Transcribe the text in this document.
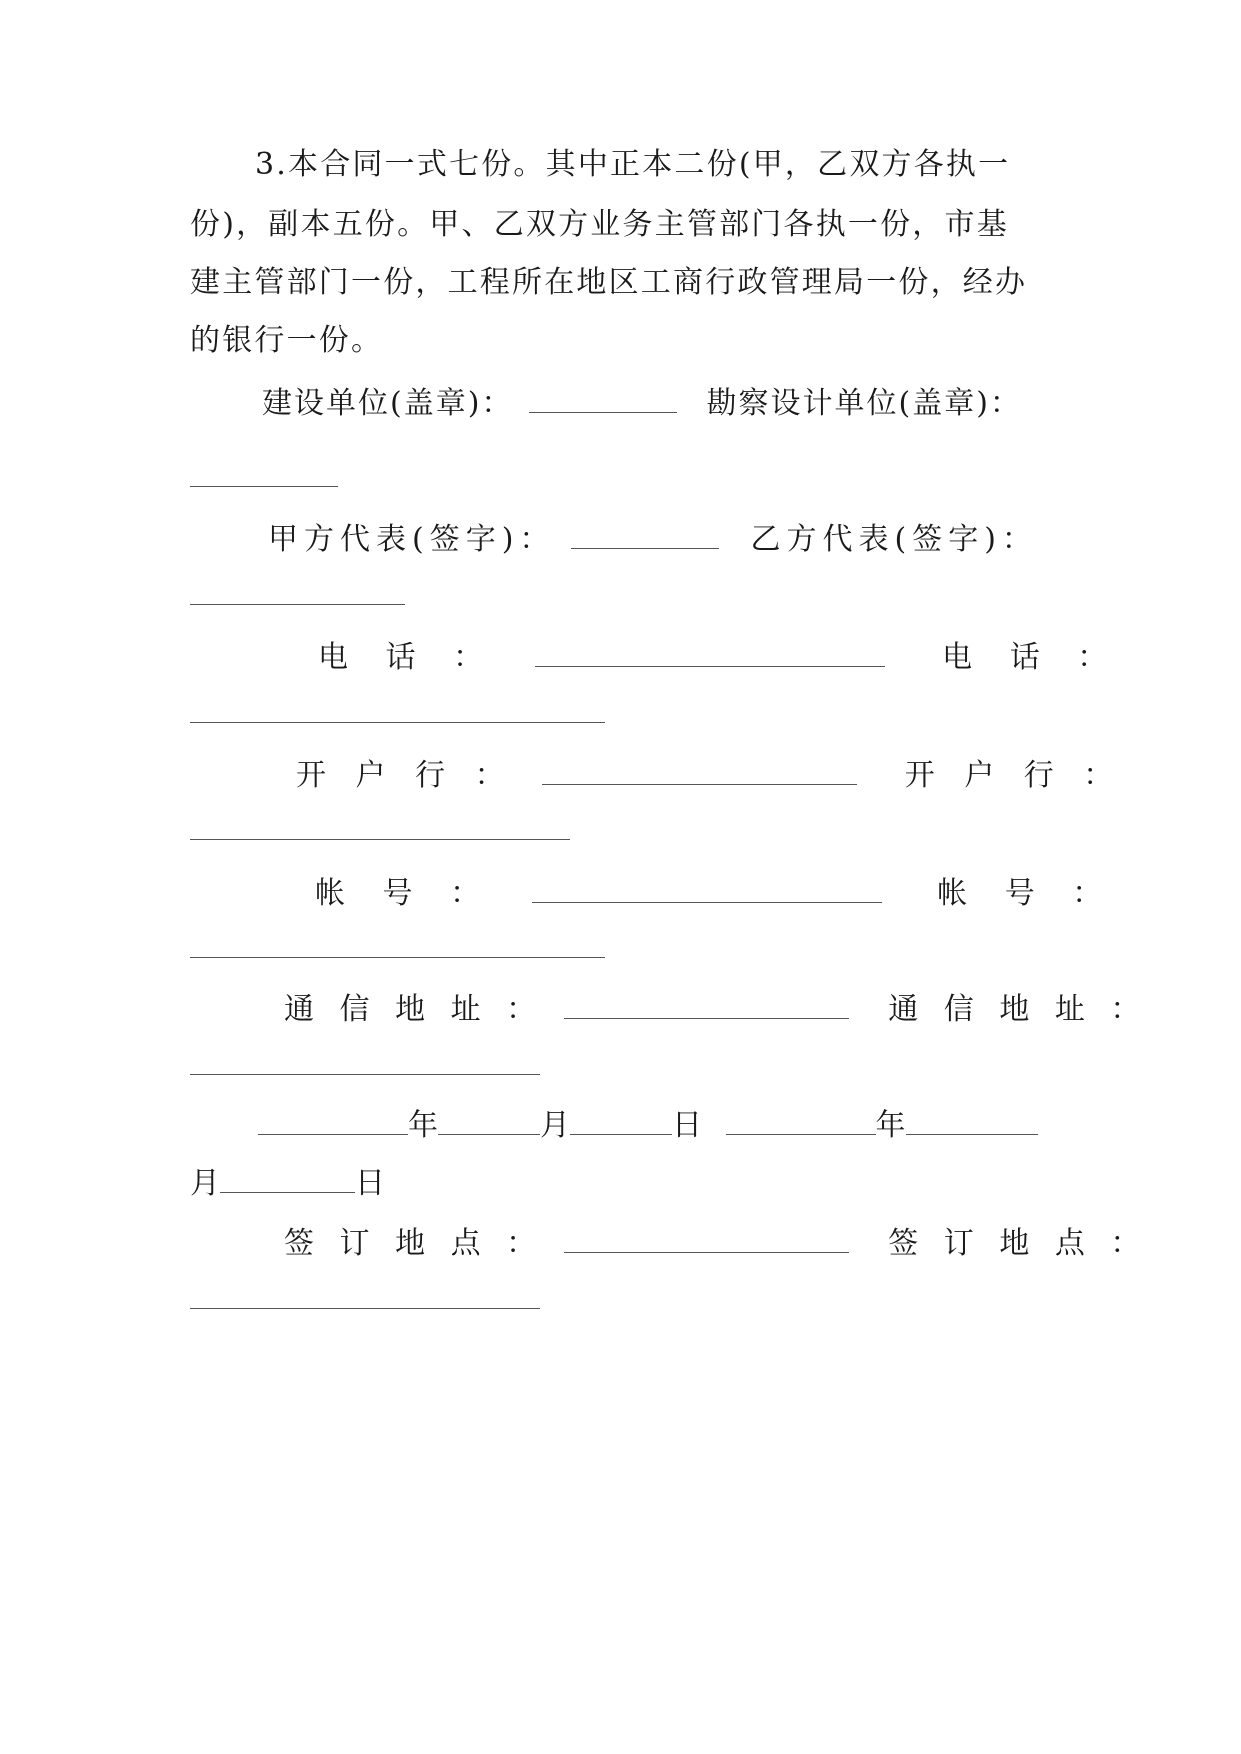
3.本合同一式七份。其中正本二份(甲，乙双方各执一
份)，副本五份。甲、乙双方业务主管部门各执一份，市基
建主管部门一份，工程所在地区工商行政管理局一份，经办
的银行一份。
建设单位(盖章)：	勘察设计单位(盖章)：
甲方代表(签字)：	乙方代表(签字)：
电 话 ：	电 话 ：
开 户 行 ：	开 户 行 ：
帐 号 ：	帐 号 ：
通 信 地 址 ：	通 信 地 址 ：
年	月	日	年
月	日
签 订 地 点 ：	签 订 地 点 ：
